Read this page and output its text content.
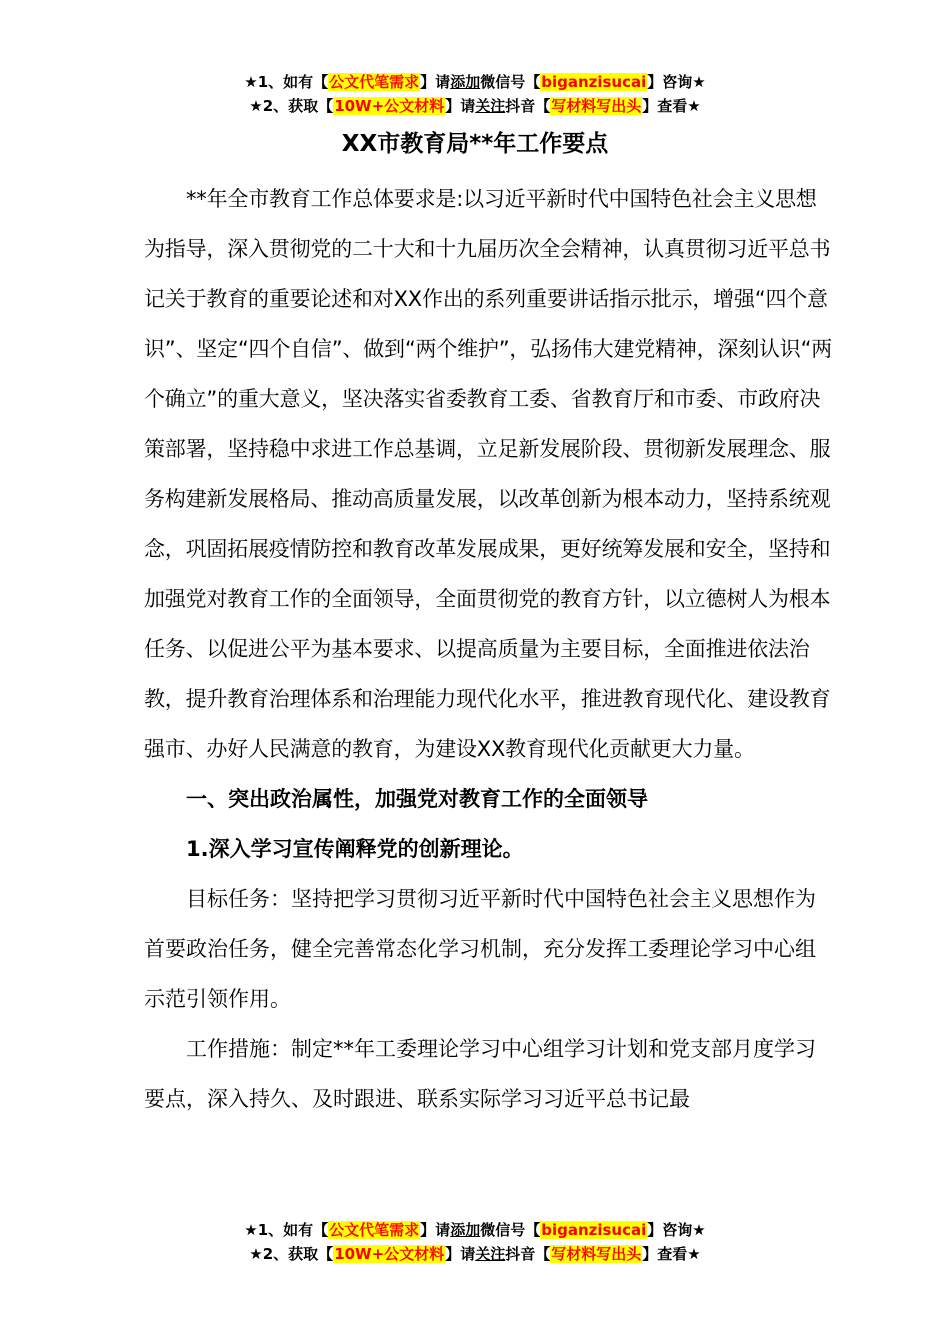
★1、如有【公文代笔需求】请添加微信号【biganzisucai】咨询★
★2、获取【10W+公文材料】请关注抖音【写材料写出头】查看★
XX市教育局**年工作要点

**年全市教育工作总体要求是:以习近平新时代中国特色社会主义思想为指导，深入贯彻党的二十大和十九届历次全会精神，认真贯彻习近平总书记关于教育的重要论述和对XX作出的系列重要讲话指示批示，增强“四个意识”、坚定“四个自信”、做到“两个维护”，弘扬伟大建党精神，深刻认识“两个确立”的重大意义，坚决落实省委教育工委、省教育厅和市委、市政府决策部署，坚持稳中求进工作总基调，立足新发展阶段、贯彻新发展理念、服务构建新发展格局、推动高质量发展，以改革创新为根本动力，坚持系统观念，巩固拓展疫情防控和教育改革发展成果，更好统筹发展和安全，坚持和加强党对教育工作的全面领导，全面贯彻党的教育方针，以立德树人为根本任务、以促进公平为基本要求、以提高质量为主要目标，全面推进依法治教，提升教育治理体系和治理能力现代化水平，推进教育现代化、建设教育强市、办好人民满意的教育，为建设XX教育现代化贡献更大力量。

一、突出政治属性，加强党对教育工作的全面领导

1.深入学习宣传阐释党的创新理论。

目标任务：坚持把学习贯彻习近平新时代中国特色社会主义思想作为首要政治任务，健全完善常态化学习机制，充分发挥工委理论学习中心组示范引领作用。

工作措施：制定**年工委理论学习中心组学习计划和党支部月度学习要点，深入持久、及时跟进、联系实际学习习近平总书记最

★1、如有【公文代笔需求】请添加微信号【biganzisucai】咨询★
★2、获取【10W+公文材料】请关注抖音【写材料写出头】查看★
